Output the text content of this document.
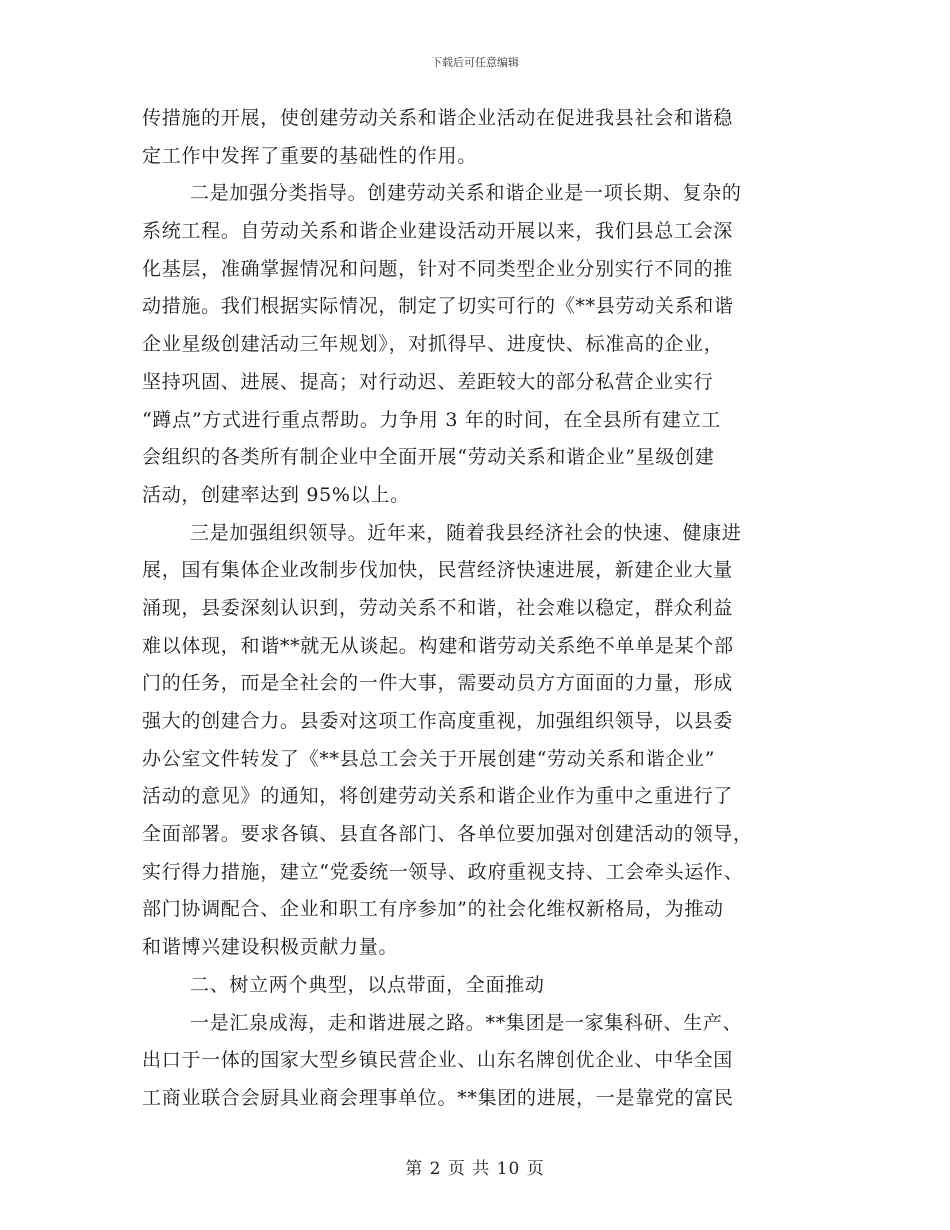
下载后可任意编辑
传措施的开展，使创建劳动关系和谐企业活动在促进我县社会和谐稳
定工作中发挥了重要的基础性的作用。
二是加强分类指导。创建劳动关系和谐企业是一项长期、复杂的
系统工程。自劳动关系和谐企业建设活动开展以来，我们县总工会深
化基层，准确掌握情况和问题，针对不同类型企业分别实行不同的推
动措施。我们根据实际情况，制定了切实可行的《**县劳动关系和谐
企业星级创建活动三年规划》，对抓得早、进度快、标准高的企业，
坚持巩固、进展、提高；对行动迟、差距较大的部分私营企业实行
“蹲点”方式进行重点帮助。力争用 3 年的时间，在全县所有建立工
会组织的各类所有制企业中全面开展“劳动关系和谐企业”星级创建
活动，创建率达到 95%以上。
三是加强组织领导。近年来，随着我县经济社会的快速、健康进
展，国有集体企业改制步伐加快，民营经济快速进展，新建企业大量
涌现，县委深刻认识到，劳动关系不和谐，社会难以稳定，群众利益
难以体现，和谐**就无从谈起。构建和谐劳动关系绝不单单是某个部
门的任务，而是全社会的一件大事，需要动员方方面面的力量，形成
强大的创建合力。县委对这项工作高度重视，加强组织领导，以县委
办公室文件转发了《**县总工会关于开展创建“劳动关系和谐企业”
活动的意见》的通知，将创建劳动关系和谐企业作为重中之重进行了
全面部署。要求各镇、县直各部门、各单位要加强对创建活动的领导，
实行得力措施，建立“党委统一领导、政府重视支持、工会牵头运作、
部门协调配合、企业和职工有序参加”的社会化维权新格局，为推动
和谐博兴建设积极贡献力量。
二、树立两个典型，以点带面，全面推动
一是汇泉成海，走和谐进展之路。**集团是一家集科研、生产、
出口于一体的国家大型乡镇民营企业、山东名牌创优企业、中华全国
工商业联合会厨具业商会理事单位。**集团的进展，一是靠党的富民
第 2 页 共 10 页
